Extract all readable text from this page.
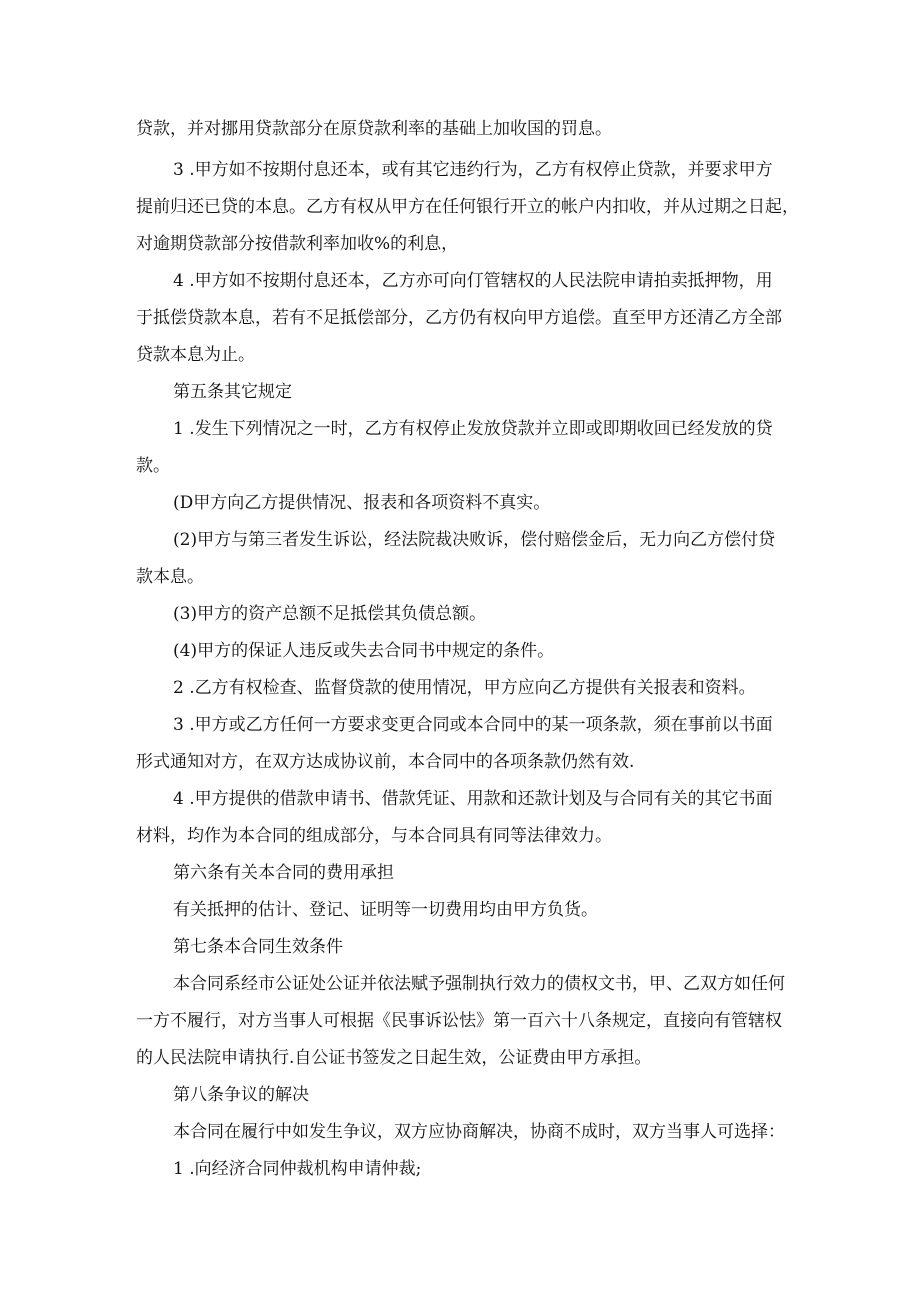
贷款，并对挪用贷款部分在原贷款利率的基础上加收国的罚息。
3 .甲方如不按期付息还本，或有其它违约行为，乙方有权停止贷款，并要求甲方
提前归还已贷的本息。乙方有权从甲方在任何银行开立的帐户内扣收，并从过期之日起，
对逾期贷款部分按借款利率加收%的利息，
4 .甲方如不按期付息还本，乙方亦可向仃管辖权的人民法院申请拍卖抵押物，用
于抵偿贷款本息，若有不足抵偿部分，乙方仍有权向甲方追偿。直至甲方还清乙方全部
贷款本息为止。
第五条其它规定
1 .发生下列情况之一时，乙方有权停止发放贷款并立即或即期收回已经发放的贷
款。
(D甲方向乙方提供情况、报表和各项资料不真实。
(2)甲方与第三者发生诉讼，经法院裁决败诉，偿付赔偿金后，无力向乙方偿付贷
款本息。
(3)甲方的资产总额不足抵偿其负债总额。
(4)甲方的保证人违反或失去合同书中规定的条件。
2 .乙方有权检查、监督贷款的使用情况，甲方应向乙方提供有关报表和资料。
3 .甲方或乙方任何一方要求变更合同或本合同中的某一项条款，须在事前以书面
形式通知对方，在双方达成协议前，本合同中的各项条款仍然有效.
4 .甲方提供的借款申请书、借款凭证、用款和还款计划及与合同有关的其它书面
材料，均作为本合同的组成部分，与本合同具有同等法律效力。
第六条有关本合同的费用承担
有关抵押的估计、登记、证明等一切费用均由甲方负货。
第七条本合同生效条件
本合同系经市公证处公证并依法赋予强制执行效力的债权文书，甲、乙双方如任何
一方不履行，对方当事人可根据《民事诉讼怯》第一百六十八条规定，直接向有管辖权
的人民法院申请执行.自公证书签发之日起生效，公证费由甲方承担。
第八条争议的解决
本合同在履行中如发生争议，双方应协商解决，协商不成时，双方当事人可选择：
1 .向经济合同仲裁机构申请仲裁;
